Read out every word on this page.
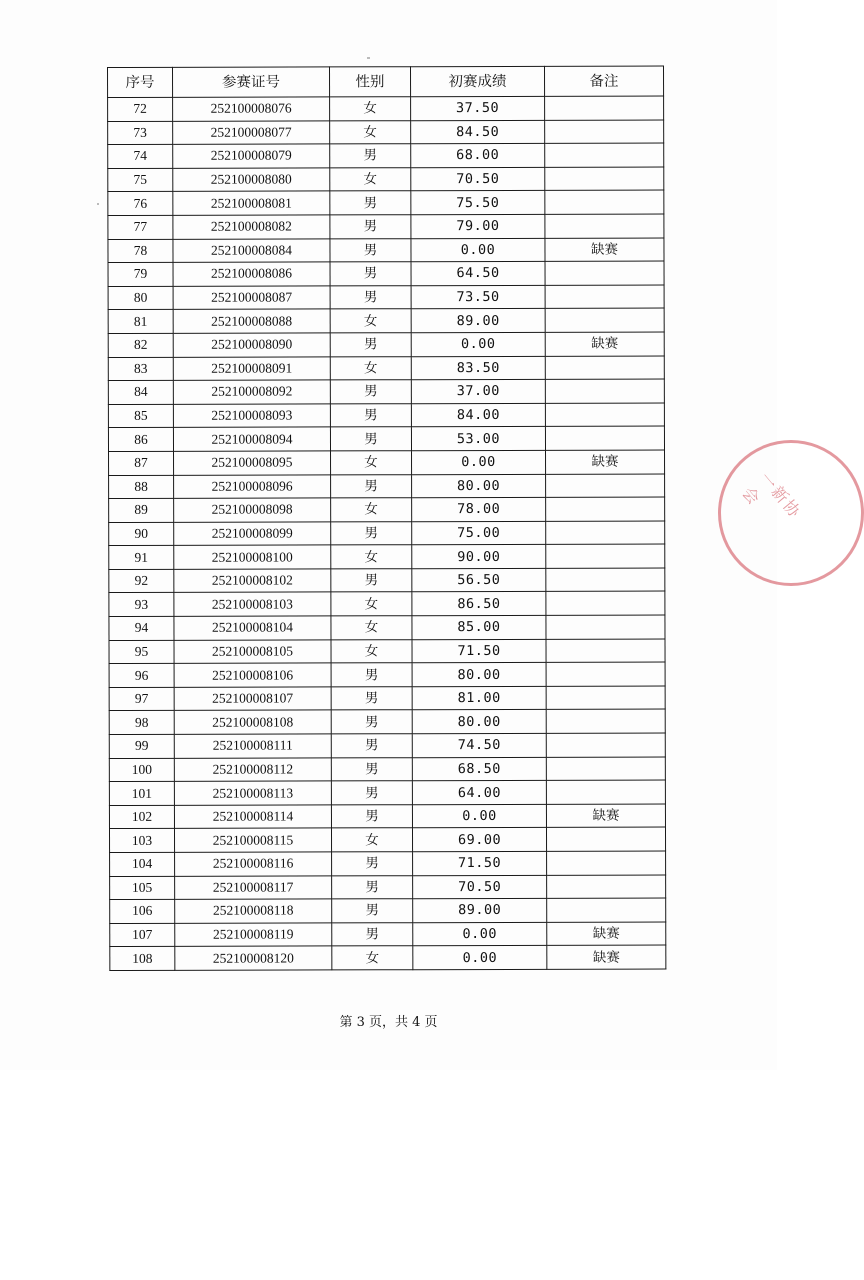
序号	参赛证号	性别	初赛成绩	备注
72	252100008076	女	37.50	
73	252100008077	女	84.50	
74	252100008079	男	68.00	
75	252100008080	女	70.50	
76	252100008081	男	75.50	
77	252100008082	男	79.00	
78	252100008084	男	0.00	缺赛
79	252100008086	男	64.50	
80	252100008087	男	73.50	
81	252100008088	女	89.00	
82	252100008090	男	0.00	缺赛
83	252100008091	女	83.50	
84	252100008092	男	37.00	
85	252100008093	男	84.00	
86	252100008094	男	53.00	
87	252100008095	女	0.00	缺赛
88	252100008096	男	80.00	
89	252100008098	女	78.00	
90	252100008099	男	75.00	
91	252100008100	女	90.00	
92	252100008102	男	56.50	
93	252100008103	女	86.50	
94	252100008104	女	85.00	
95	252100008105	女	71.50	
96	252100008106	男	80.00	
97	252100008107	男	81.00	
98	252100008108	男	80.00	
99	252100008111	男	74.50	
100	252100008112	男	68.50	
101	252100008113	男	64.00	
102	252100008114	男	0.00	缺赛
103	252100008115	女	69.00	
104	252100008116	男	71.50	
105	252100008117	男	70.50	
106	252100008118	男	89.00	
107	252100008119	男	0.00	缺赛
108	252100008120	女	0.00	缺赛
一新协会
第 3 页，共 4 页
